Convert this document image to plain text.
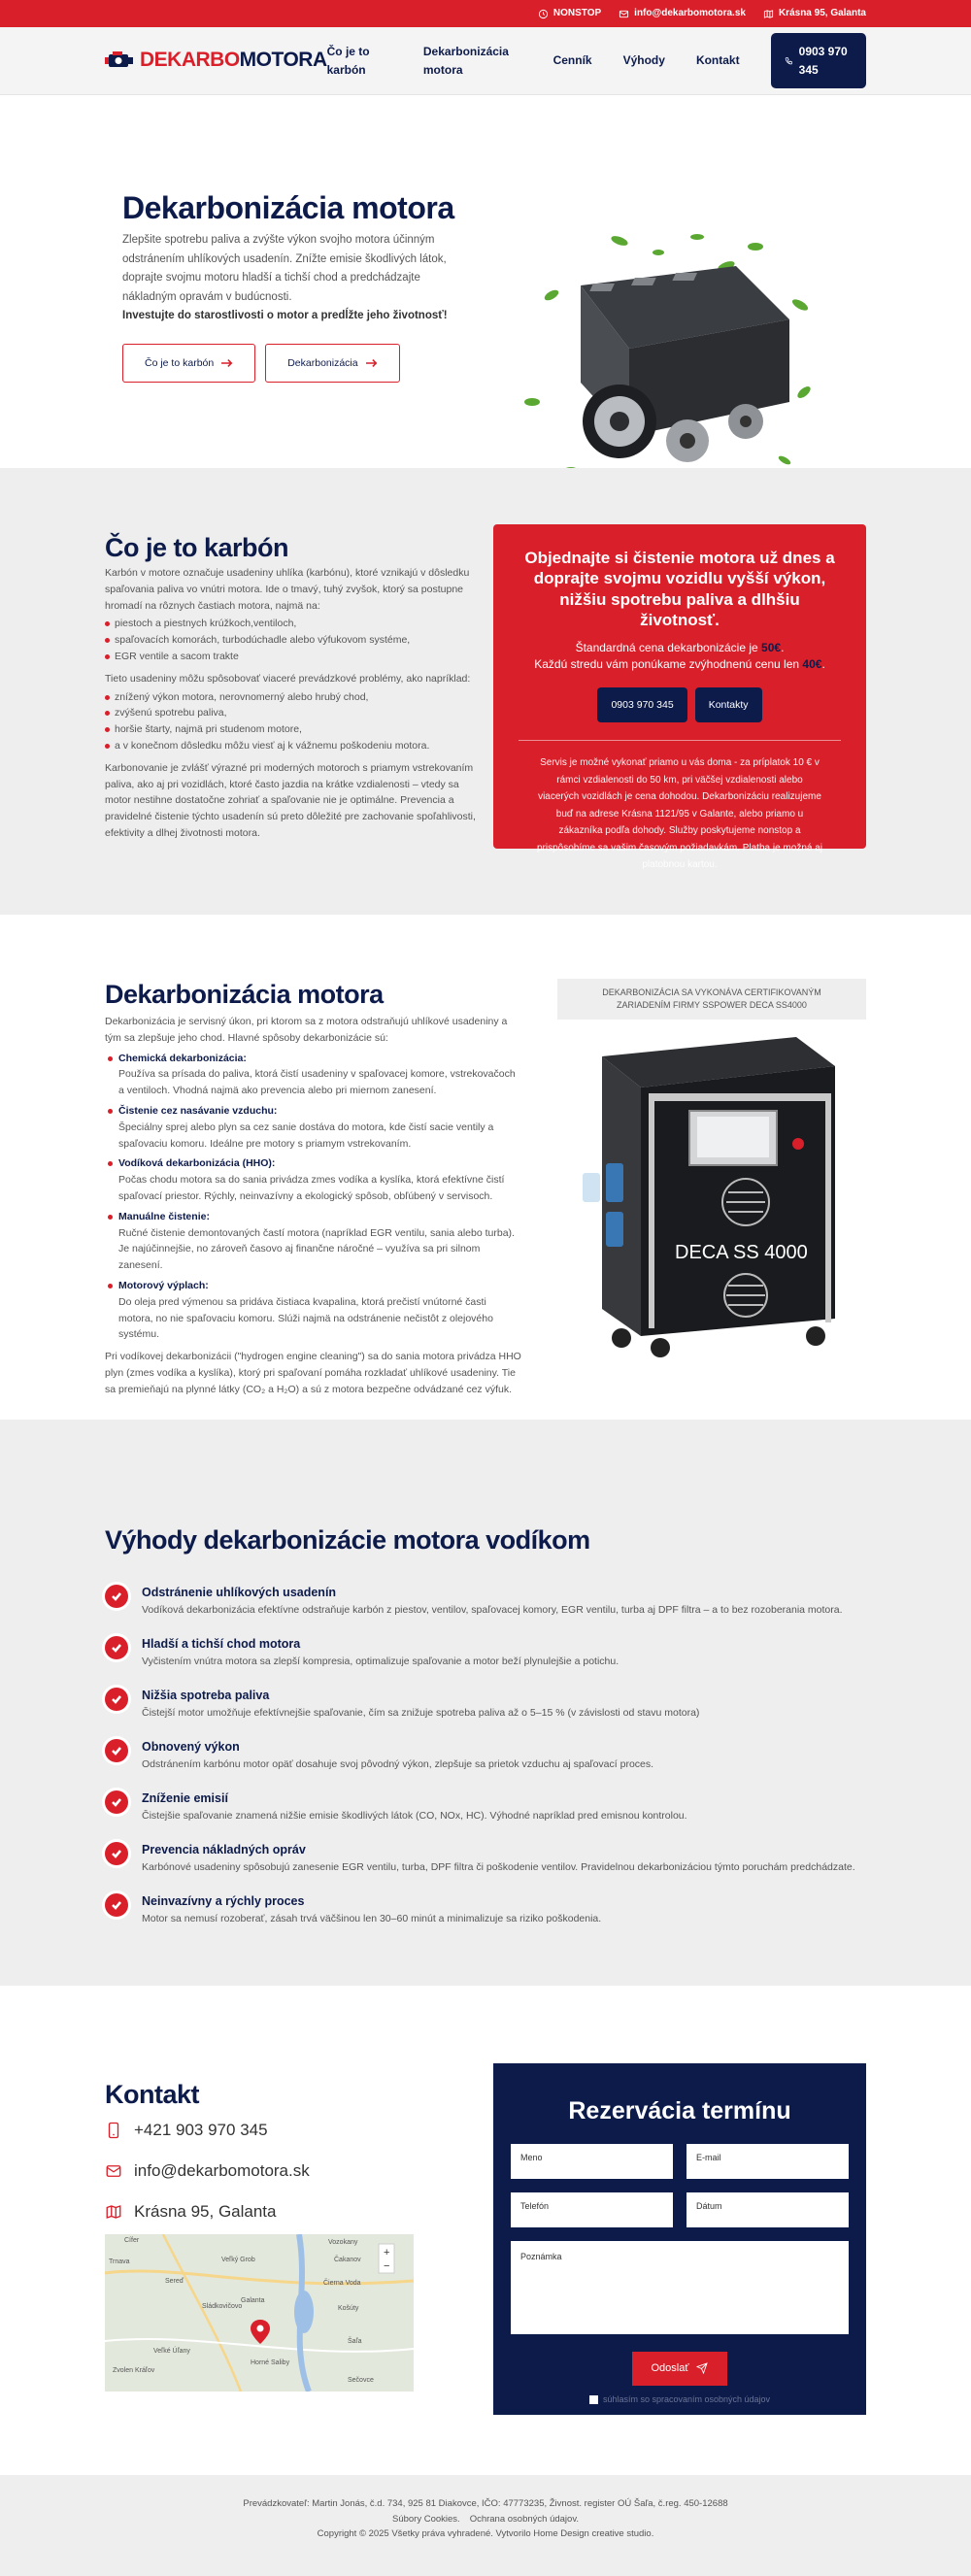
NONSTOP	info@dekarbomotora.sk	Krásna 95, Galanta
DEKARBO MOTORA Čo je to karbón
Dekarbonizácia motora
Cenník	Výhody	Kontakt
0903 970 345
Dekarbonizácia motora

Zlepšite spotrebu paliva a zvýšte výkon svojho motora účinným odstránením uhlíkových usadenín. Znížte emisie škodlivých látok, doprajte svojmu motoru hladší a tichší chod a predchádzajte nákladným opravám v budúcnosti.
Investujte do starostlivosti o motor a predĺžte jeho životnosť!

Čo je to karbón	Dekarbonizácia
Čo je to karbón

Karbón v motore označuje usadeniny uhlíka (karbónu), ktoré vznikajú v dôsledku spaľovania paliva vo vnútri motora. Ide o tmavý, tuhý zvyšok, ktorý sa postupne hromadí na rôznych častiach motora, najmä na:

piestoch a piestnych krúžkoch,ventiloch,
spaľovacích komorách, turbodúchadle alebo výfukovom systéme,
EGR ventile a sacom trakte

Tieto usadeniny môžu spôsobovať viaceré prevádzkové problémy, ako napríklad:

znížený výkon motora, nerovnomerný alebo hrubý chod,
zvýšenú spotrebu paliva,
horšie štarty, najmä pri studenom motore,
a v konečnom dôsledku môžu viesť aj k vážnemu poškodeniu motora.

Karbonovanie je zvlášť výrazné pri moderných motoroch s priamym vstrekovaním paliva, ako aj pri vozidlách, ktoré často jazdia na krátke vzdialenosti – vtedy sa motor nestihne dostatočne zohriať a spaľovanie nie je optimálne. Prevencia a pravidelné čistenie týchto usadenín sú preto dôležité pre zachovanie spoľahlivosti, efektivity a dlhej životnosti motora.

Objednajte si čistenie motora už dnes a doprajte svojmu vozidlu vyšší výkon, nižšiu spotrebu paliva a dlhšiu životnosť.

Štandardná cena dekarbonizácie je 50€.
Každú stredu vám ponúkame zvýhodnenú cenu len 40€.

0903 970 345	Kontakty

Servis je možné vykonať priamo u vás doma - za príplatok 10 € v rámci vzdialenosti do 50 km, pri väčšej vzdialenosti alebo viacerých vozidlách je cena dohodou. Dekarbonizáciu realizujeme buď na adrese Krásna 1121/95 v Galante, alebo priamo u zákazníka podľa dohody. Služby poskytujeme nonstop a prispôsobíme sa vašim časovým požiadavkám. Platba je možná aj platobnou kartou.

Dekarbonizácia motora

Dekarbonizácia je servisný úkon, pri ktorom sa z motora odstraňujú uhlíkové usadeniny a tým sa zlepšuje jeho chod. Hlavné spôsoby dekarbonizácie sú:

Chemická dekarbonizácia:
Používa sa prísada do paliva, ktorá čistí usadeniny v spaľovacej komore, vstrekovačoch a ventiloch. Vhodná najmä ako prevencia alebo pri miernom zanesení.
Čistenie cez nasávanie vzduchu:
Špeciálny sprej alebo plyn sa cez sanie dostáva do motora, kde čistí sacie ventily a spaľovaciu komoru. Ideálne pre motory s priamym vstrekovaním.
Vodíková dekarbonizácia (HHO):
Počas chodu motora sa do sania privádza zmes vodíka a kyslíka, ktorá efektívne čistí spaľovací priestor. Rýchly, neinvazívny a ekologický spôsob, obľúbený v servisoch.
Manuálne čistenie:
Ručné čistenie demontovaných častí motora (napríklad EGR ventilu, sania alebo turba). Je najúčinnejšie, no zároveň časovo aj finančne náročné – využíva sa pri silnom zanesení.
Motorový výplach:
Do oleja pred výmenou sa pridáva čistiaca kvapalina, ktorá prečistí vnútorné časti motora, no nie spaľovaciu komoru. Slúži najmä na odstránenie nečistôt z olejového systému.

Pri vodíkovej dekarbonizácii ("hydrogen engine cleaning") sa do sania motora privádza HHO plyn (zmes vodíka a kyslíka), ktorý pri spaľovaní pomáha rozkladať uhlíkové usadeniny. Tie sa premieňajú na plynné látky (CO₂ a H₂O) a sú z motora bezpečne odvádzané cez výfuk.

DEKARBONIZÁCIA SA VYKONÁVA CERTIFIKOVANÝM ZARIADENÍM FIRMY SSPOWER DECA SS4000
DECA SS 4000
Výhody dekarbonizácie motora vodíkom
Odstránenie uhlíkových usadenín

Vodíková dekarbonizácia efektívne odstraňuje karbón z piestov, ventilov, spaľovacej komory, EGR ventilu, turba aj DPF filtra – a to bez rozoberania motora.

Hladší a tichší chod motora

Vyčistením vnútra motora sa zlepší kompresia, optimalizuje spaľovanie a motor beží plynulejšie a potichu.

Nižšia spotreba paliva

Čistejší motor umožňuje efektívnejšie spaľovanie, čím sa znižuje spotreba paliva až o 5–15 % (v závislosti od stavu motora)

Obnovený výkon

Odstránením karbónu motor opäť dosahuje svoj pôvodný výkon, zlepšuje sa prietok vzduchu aj spaľovací proces.

Zníženie emisií

Čistejšie spaľovanie znamená nižšie emisie škodlivých látok (CO, NOx, HC). Výhodné napríklad pred emisnou kontrolou.

Prevencia nákladných opráv

Karbónové usadeniny spôsobujú zanesenie EGR ventilu, turba, DPF filtra či poškodenie ventilov. Pravidelnou dekarbonizáciou týmto poruchám predchádzate.

Neinvazívny a rýchly proces

Motor sa nemusí rozoberať, zásah trvá väčšinou len 30–60 minút a minimalizuje sa riziko poškodenia.

Kontakt
+421 903 970 345
info@dekarbomotora.sk
Krásna 95, Galanta
+
−
Cífer
Trnava
Sereď
Sládkovičovo
Veľké Úľany
Galanta
Veľký Grob
Vozokany
Čierna Voda
Košúty
Zvolen Kráľov
Horné Saliby
Šaľa
Sečovce
Čakanov
Rezervácia termínu
Meno	E-mail
Telefón	Dátum
Poznámka
Odoslať
súhlasím so spracovaním osobných údajov
Prevádzkovateľ: Martin Jonás, č.d. 734, 925 81 Diakovce, IČO: 47773235, Živnost. register OÚ Šaľa, č.reg. 450-12688
Súbory Cookies. Ochrana osobných údajov.
Copyright © 2025 Všetky práva vyhradené. Vytvorilo Home Design creative studio.
